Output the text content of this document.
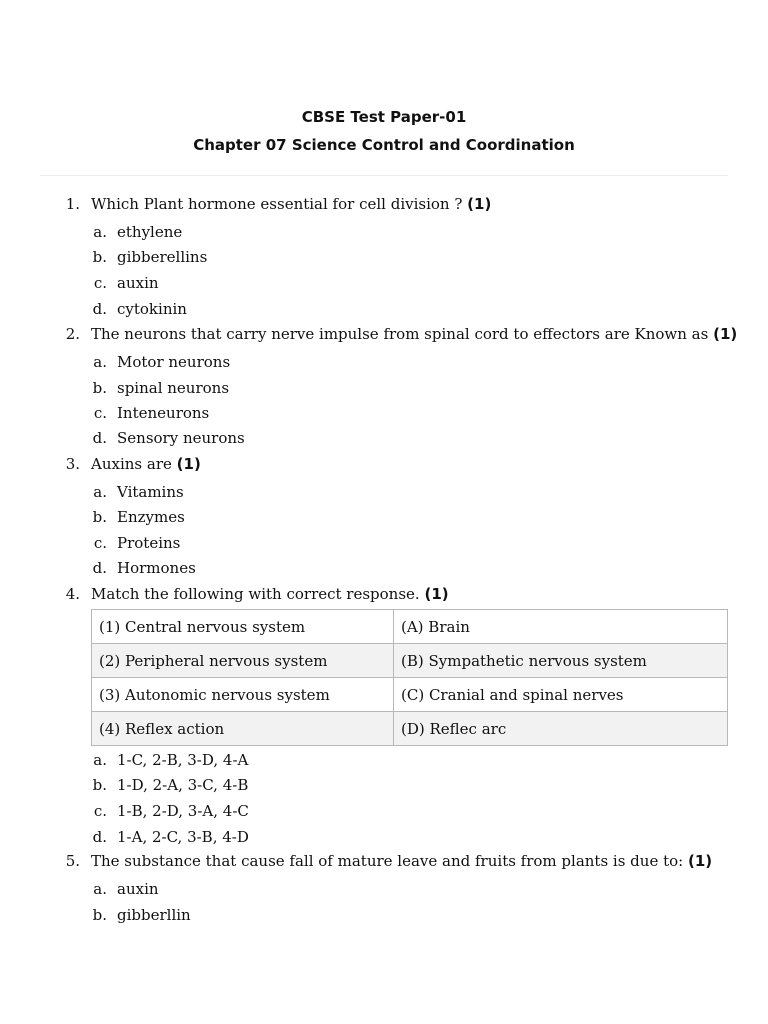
CBSE Test Paper-01
Chapter 07 Science Control and Coordination
1. Which Plant hormone essential for cell division ? (1)
a. ethylene
b. gibberellins
c. auxin
d. cytokinin
2. The neurons that carry nerve impulse from spinal cord to effectors are Known as (1)
a. Motor neurons
b. spinal neurons
c. Inteneurons
d. Sensory neurons
3. Auxins are (1)
a. Vitamins
b. Enzymes
c. Proteins
d. Hormones
4. Match the following with correct response. (1)
(1) Central nervous system	(A) Brain
(2) Peripheral nervous system	(B) Sympathetic nervous system
(3) Autonomic nervous system	(C) Cranial and spinal nerves
(4) Reflex action	(D) Reflec arc
a. 1-C, 2-B, 3-D, 4-A
b. 1-D, 2-A, 3-C, 4-B
c. 1-B, 2-D, 3-A, 4-C
d. 1-A, 2-C, 3-B, 4-D
5. The substance that cause fall of mature leave and fruits from plants is due to: (1)
a. auxin
b. gibberllin
